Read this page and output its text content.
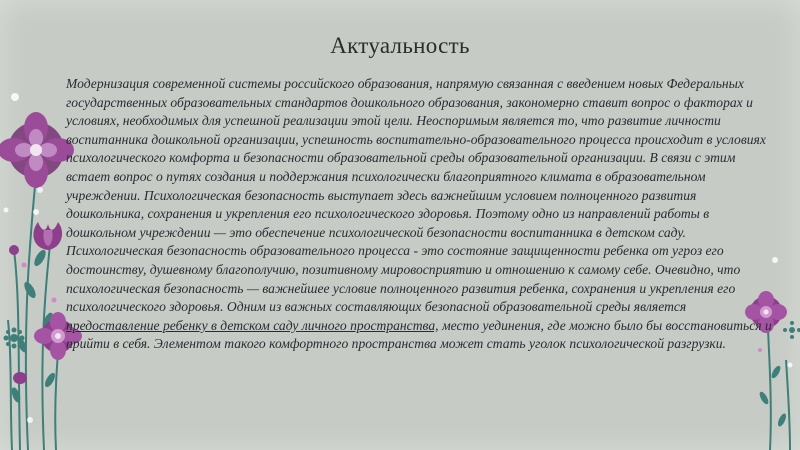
Актуальность
Модернизация современной системы российского образования, напрямую связанная с введением новых Федеральных государственных образовательных стандартов дошкольного образования, закономерно ставит вопрос о факторах и условиях, необходимых для успешной реализации этой цели. Неоспоримым является то, что развитие личности воспитанника дошкольной организации, успешность воспитательно-образовательного процесса происходит в условиях психологического комфорта и безопасности образовательной среды образовательной организации. В связи с этим встает вопрос о путях создания и поддержания психологически благоприятного климата в образовательном учреждении. Психологическая безопасность выступает здесь важнейшим условием полноценного развития дошкольника, сохранения и укрепления его психологического здоровья. Поэтому одно из направлений работы в дошкольном учреждении — это обеспечение психологической безопасности воспитанника в детском саду. Психологическая безопасность образовательного процесса - это состояние защищенности ребенка от угроз его достоинству, душевному благополучию, позитивному мировосприятию и отношению к самому себе. Очевидно, что психологическая безопасность — важнейшее условие полноценного развития ребенка, сохранения и укрепления его психологического здоровья. Одним из важных составляющих безопасной образовательной среды является предоставление ребенку в детском саду личного пространства, место уединения, где можно было бы восстановиться и прийти в себя. Элементом такого комфортного пространства может стать уголок психологической разгрузки.
